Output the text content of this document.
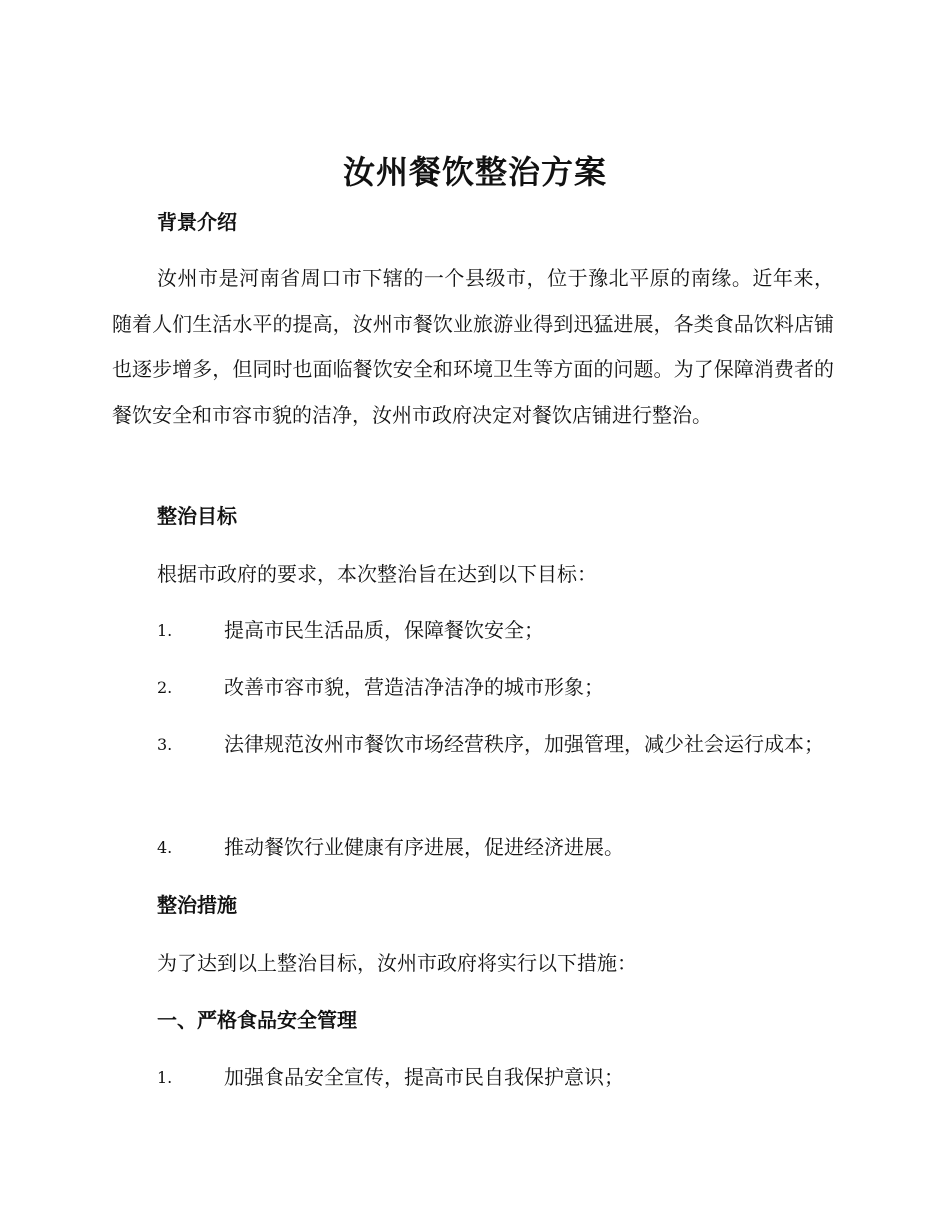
汝州餐饮整治方案
背景介绍
汝州市是河南省周口市下辖的一个县级市，位于豫北平原的南缘。近年来，随着人们生活水平的提高，汝州市餐饮业旅游业得到迅猛进展，各类食品饮料店铺也逐步增多，但同时也面临餐饮安全和环境卫生等方面的问题。为了保障消费者的餐饮安全和市容市貌的洁净，汝州市政府决定对餐饮店铺进行整治。
整治目标
根据市政府的要求，本次整治旨在达到以下目标：
1.	提高市民生活品质，保障餐饮安全；
2.	改善市容市貌，营造洁净洁净的城市形象；
3.	法律规范汝州市餐饮市场经营秩序，加强管理，减少社会运行成本；
4.	推动餐饮行业健康有序进展，促进经济进展。
整治措施
为了达到以上整治目标，汝州市政府将实行以下措施：
一、严格食品安全管理
1.	加强食品安全宣传，提高市民自我保护意识；
